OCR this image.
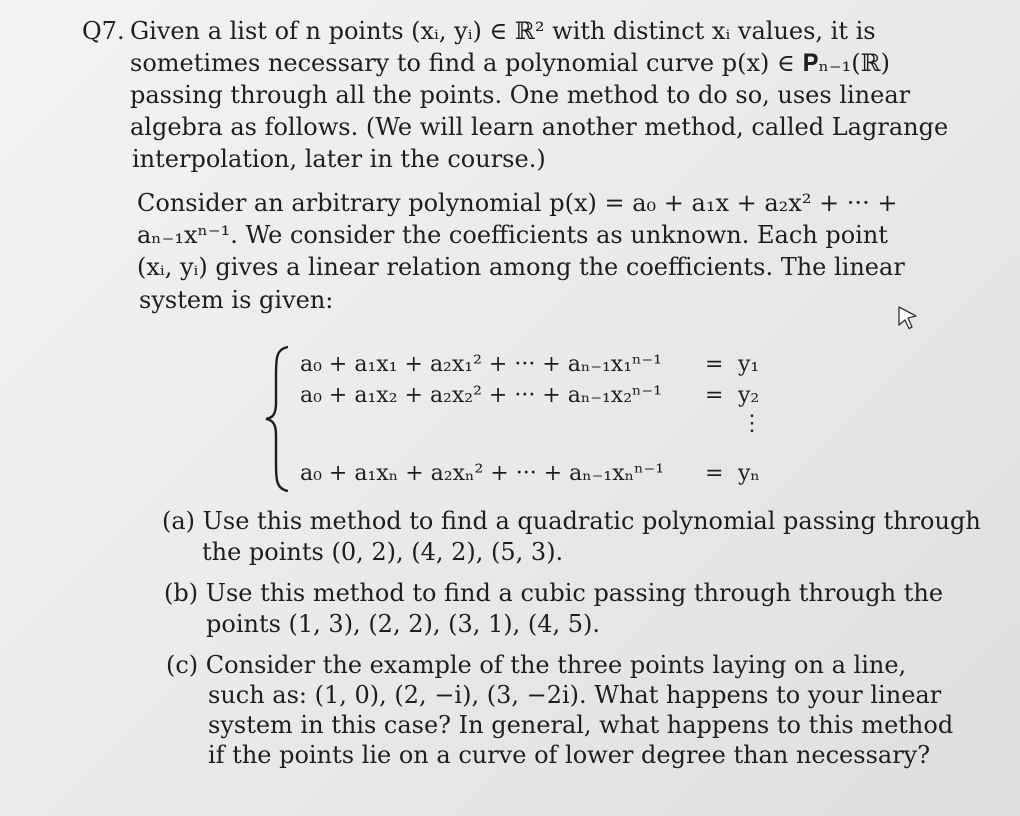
Q7. Given a list of n points (xᵢ, yᵢ) ∈ ℝ² with distinct xᵢ values, it is
sometimes necessary to find a polynomial curve p(x) ∈ 𝐏ₙ₋₁(ℝ)
passing through all the points. One method to do so, uses linear
algebra as follows. (We will learn another method, called Lagrange
interpolation, later in the course.)
Consider an arbitrary polynomial p(x) = a₀ + a₁x + a₂x² + ··· +
aₙ₋₁xⁿ⁻¹. We consider the coefficients as unknown. Each point
(xᵢ, yᵢ) gives a linear relation among the coefficients. The linear
system is given:
a₀ + a₁x₁ + a₂x₁² + ··· + aₙ₋₁x₁ⁿ⁻¹ = y₁
a₀ + a₁x₂ + a₂x₂² + ··· + aₙ₋₁x₂ⁿ⁻¹ = y₂
⋮
a₀ + a₁xₙ + a₂xₙ² + ··· + aₙ₋₁xₙⁿ⁻¹ = yₙ
(a) Use this method to find a quadratic polynomial passing through
the points (0, 2), (4, 2), (5, 3).
(b) Use this method to find a cubic passing through through the
points (1, 3), (2, 2), (3, 1), (4, 5).
(c) Consider the example of the three points laying on a line,
such as: (1, 0), (2, −i), (3, −2i). What happens to your linear
system in this case? In general, what happens to this method
if the points lie on a curve of lower degree than necessary?
